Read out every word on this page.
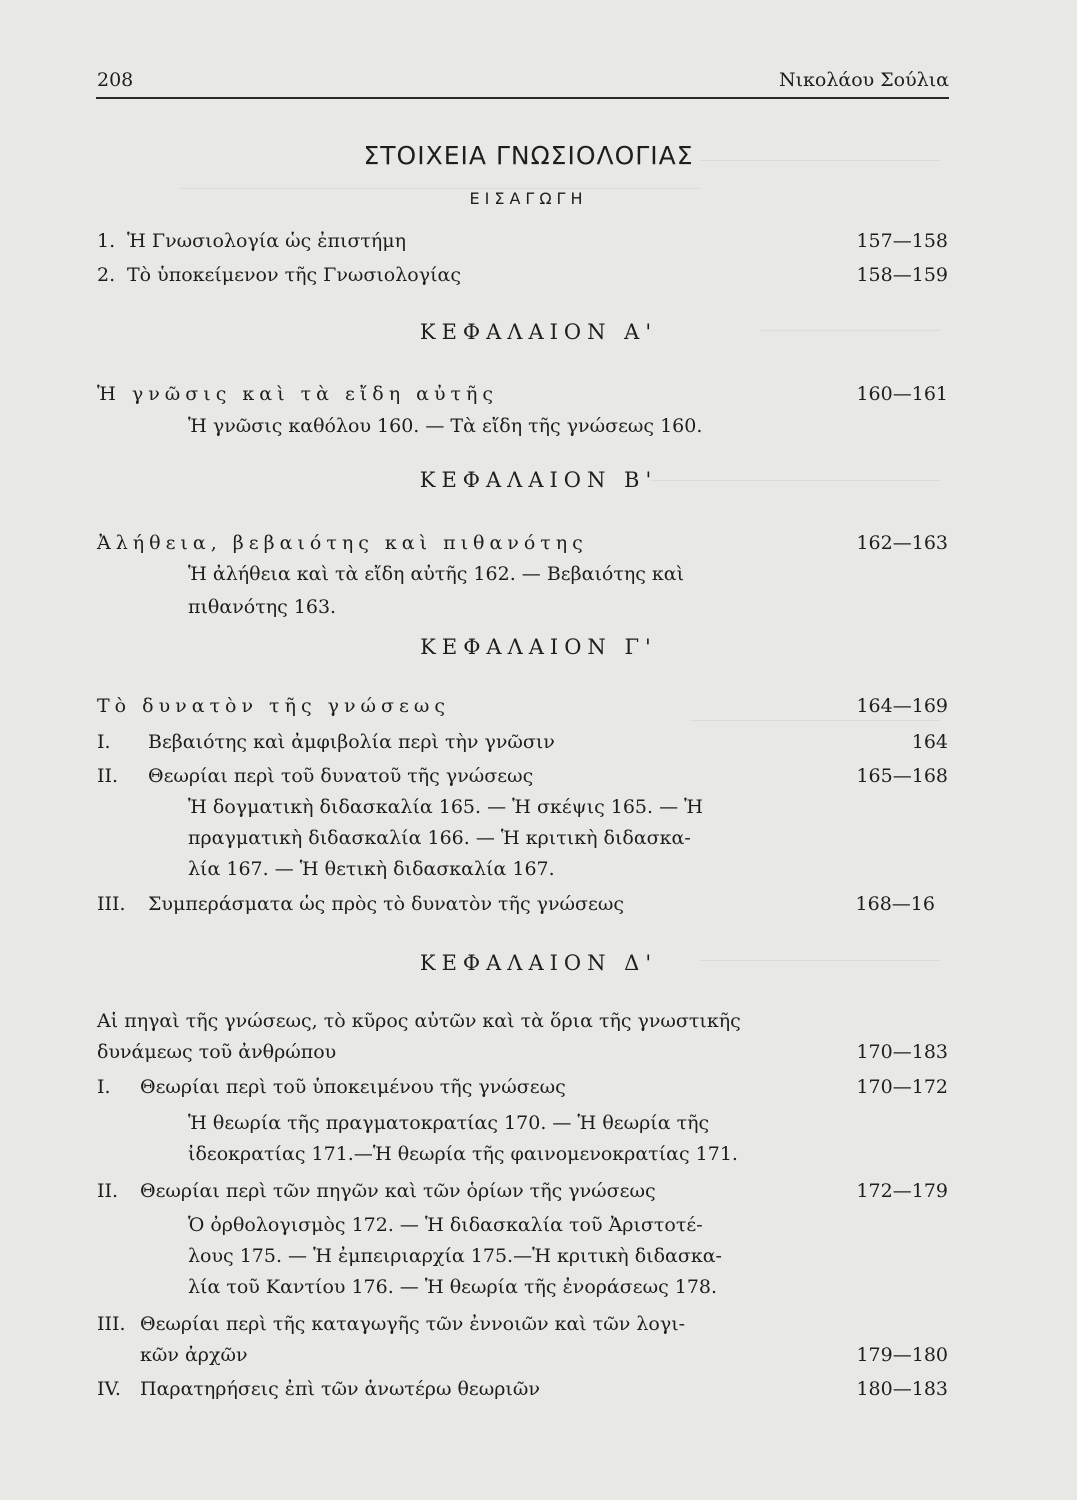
208	Νικολάου Σούλια
ΣΤΟΙΧΕΙΑ ΓΝΩΣΙΟΛΟΓΙΑΣ
ΕΙΣΑΓΩΓΗ
1. Ἡ Γνωσιολογία ὡς ἐπιστήμη	157—158
2. Τὸ ὑποκείμενον τῆς Γνωσιολογίας	158—159
ΚΕΦΑΛΑΙΟΝ Α'
Ἡ γνῶσις καὶ τὰ εἴδη αὐτῆς	160—161
Ἡ γνῶσις καθόλου 160. — Τὰ εἴδη τῆς γνώσεως 160.
ΚΕΦΑΛΑΙΟΝ Β'
Ἀλήθεια, βεβαιότης καὶ πιθανότης	162—163
Ἡ ἀλήθεια καὶ τὰ εἴδη αὐτῆς 162. — Βεβαιότης καὶ
πιθανότης 163.
ΚΕΦΑΛΑΙΟΝ Γ'
Τὸ δυνατὸν τῆς γνώσεως	164—169
I. Βεβαιότης καὶ ἀμφιβολία περὶ τὴν γνῶσιν	164
II. Θεωρίαι περὶ τοῦ δυνατοῦ τῆς γνώσεως	165—168
Ἡ δογματικὴ διδασκαλία 165. — Ἡ σκέψις 165. — Ἡ
πραγματικὴ διδασκαλία 166. — Ἡ κριτικὴ διδασκα-
λία 167. — Ἡ θετικὴ διδασκαλία 167.
III. Συμπεράσματα ὡς πρὸς τὸ δυνατὸν τῆς γνώσεως	168—16
ΚΕΦΑΛΑΙΟΝ Δ'
Αἱ πηγαὶ τῆς γνώσεως, τὸ κῦρος αὐτῶν καὶ τὰ ὅρια τῆς γνωστικῆς
δυνάμεως τοῦ ἀνθρώπου	170—183
I. Θεωρίαι περὶ τοῦ ὑποκειμένου τῆς γνώσεως	170—172
Ἡ θεωρία τῆς πραγματοκρατίας 170. — Ἡ θεωρία τῆς
ἰδεοκρατίας 171.—Ἡ θεωρία τῆς φαινομενοκρατίας 171.
II. Θεωρίαι περὶ τῶν πηγῶν καὶ τῶν ὁρίων τῆς γνώσεως	172—179
Ὁ ὀρθολογισμὸς 172. — Ἡ διδασκαλία τοῦ Ἀριστοτέ-
λους 175. — Ἡ ἐμπειριαρχία 175.—Ἡ κριτικὴ διδασκα-
λία τοῦ Καντίου 176. — Ἡ θεωρία τῆς ἐνοράσεως 178.
III. Θεωρίαι περὶ τῆς καταγωγῆς τῶν ἐννοιῶν καὶ τῶν λογι-
κῶν ἀρχῶν	179—180
IV. Παρατηρήσεις ἐπὶ τῶν ἀνωτέρω θεωριῶν	180—183
